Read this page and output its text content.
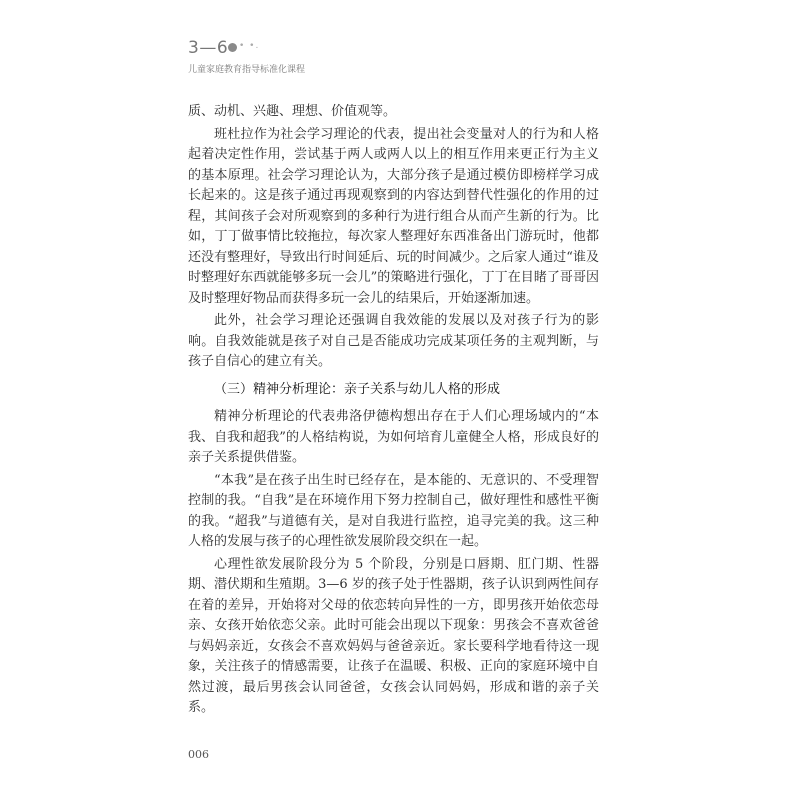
3—6 • •.
儿童家庭教育指导标准化课程

质、动机、兴趣、理想、价值观等。

班杜拉作为社会学习理论的代表，提出社会变量对人的行为和人格起着决定性作用，尝试基于两人或两人以上的相互作用来更正行为主义的基本原理。社会学习理论认为，大部分孩子是通过模仿即榜样学习成长起来的。这是孩子通过再现观察到的内容达到替代性强化的作用的过程，其间孩子会对所观察到的多种行为进行组合从而产生新的行为。比如，丁丁做事情比较拖拉，每次家人整理好东西准备出门游玩时，他都还没有整理好，导致出行时间延后、玩的时间减少。之后家人通过“谁及时整理好东西就能够多玩一会儿”的策略进行强化，丁丁在目睹了哥哥因及时整理好物品而获得多玩一会儿的结果后，开始逐渐加速。

此外，社会学习理论还强调自我效能的发展以及对孩子行为的影响。自我效能就是孩子对自己是否能成功完成某项任务的主观判断，与孩子自信心的建立有关。

（三）精神分析理论：亲子关系与幼儿人格的形成

精神分析理论的代表弗洛伊德构想出存在于人们心理场域内的“本我、自我和超我”的人格结构说，为如何培育儿童健全人格，形成良好的亲子关系提供借鉴。

“本我”是在孩子出生时已经存在，是本能的、无意识的、不受理智控制的我。“自我”是在环境作用下努力控制自己，做好理性和感性平衡的我。“超我”与道德有关，是对自我进行监控，追寻完美的我。这三种人格的发展与孩子的心理性欲发展阶段交织在一起。

心理性欲发展阶段分为 5 个阶段，分别是口唇期、肛门期、性器期、潜伏期和生殖期。3—6 岁的孩子处于性器期，孩子认识到两性间存在着的差异，开始将对父母的依恋转向异性的一方，即男孩开始依恋母亲、女孩开始依恋父亲。此时可能会出现以下现象：男孩会不喜欢爸爸与妈妈亲近，女孩会不喜欢妈妈与爸爸亲近。家长要科学地看待这一现象，关注孩子的情感需要，让孩子在温暖、积极、正向的家庭环境中自然过渡，最后男孩会认同爸爸，女孩会认同妈妈，形成和谐的亲子关系。

006
